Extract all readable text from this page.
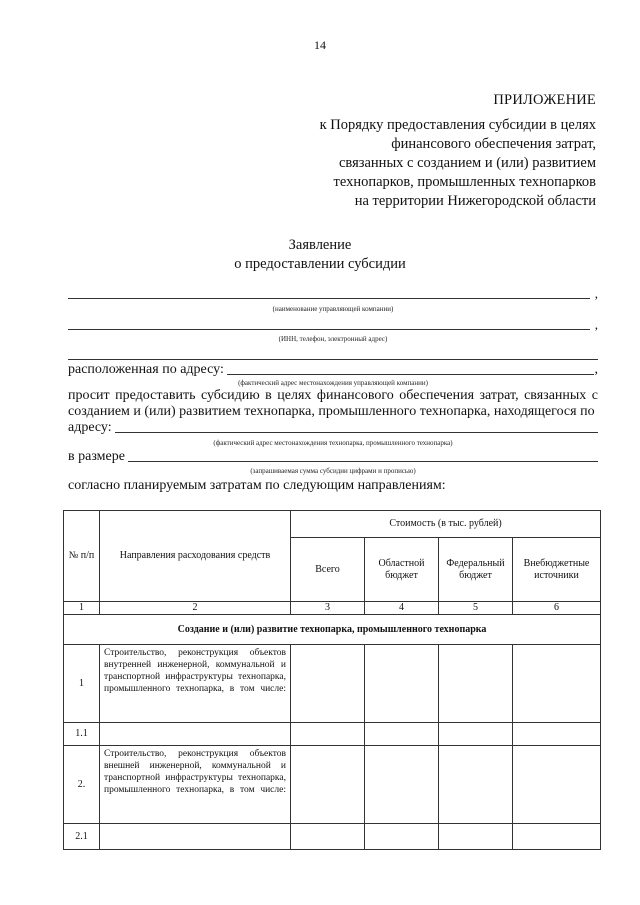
14
ПРИЛОЖЕНИЕ
к Порядку предоставления субсидии в целях
финансового обеспечения затрат,
связанных с созданием и (или) развитием
технопарков, промышленных технопарков
на территории Нижегородской области
Заявление
о предоставлении субсидии
,
(наименование управляющей компании)
,
(ИНН, телефон, электронный адрес)
расположенная по адресу:	,
(фактический адрес местонахождения управляющей компании)
просит предоставить субсидию в целях финансового обеспечения затрат, связанных с созданием и (или) развитием технопарка, промышленного технопарка, находящегося по
адресу:
(фактический адрес местонахождения технопарка, промышленного технопарка)
в размере
(запрашиваемая сумма субсидии цифрами и прописью)
согласно планируемым затратам по следующим направлениям:
№ п/п	Направления расходования средств	Стоимость (в тыс. рублей)			
		Всего	Областной бюджет	Федеральный бюджет	Внебюджетные источники
1	2	3	4	5	6
Создание и (или) развитие технопарка, промышленного технопарка					
1	Строительство, реконструкция объектов внутренней инженерной, коммунальной и транспортной инфраструктуры технопарка, промышленного технопарка, в том числе:				
1.1					
2.	Строительство, реконструкция объектов внешней инженерной, коммунальной и транспортной инфраструктуры технопарка, промышленного технопарка, в том числе:				
2.1					
